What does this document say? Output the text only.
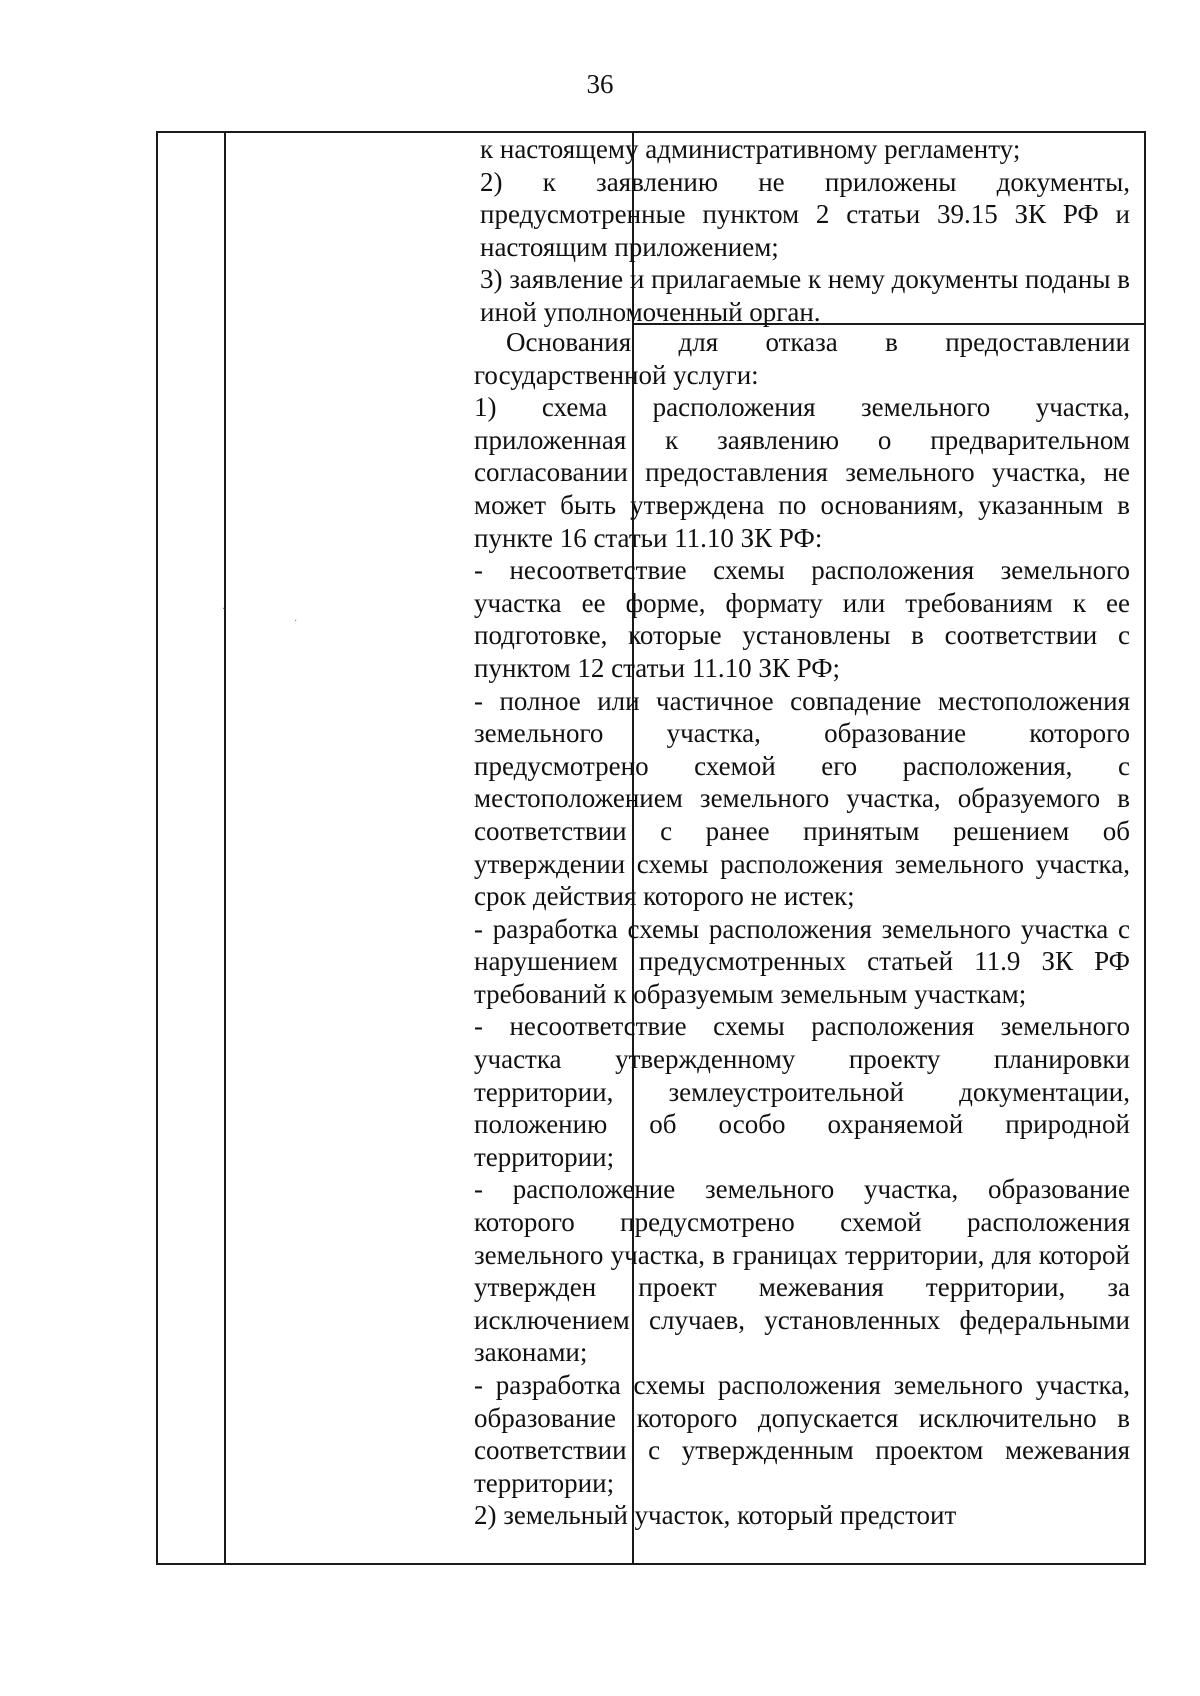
36

к настоящему административному регламенту;

2) к заявлению не приложены документы, предусмотренные пунктом 2 статьи 39.15 ЗК РФ и настоящим приложением;

3) заявление и прилагаемые к нему документы поданы в иной уполномоченный орган.

Основания для отказа в предоставлении государственной услуги:

1) схема расположения земельного участка, приложенная к заявлению о предварительном согласовании предоставления земельного участка, не может быть утверждена по основаниям, указанным в пункте 16 статьи 11.10 ЗК РФ:

- несоответствие схемы расположения земельного участка ее форме, формату или требованиям к ее подготовке, которые установлены в соответствии с пунктом 12 статьи 11.10 ЗК РФ;

- полное или частичное совпадение местоположения земельного участка, образование которого предусмотрено схемой его расположения, с местоположением земельного участка, образуемого в соответствии с ранее принятым решением об утверждении схемы расположения земельного участка, срок действия которого не истек;

- разработка схемы расположения земельного участка с нарушением предусмотренных статьей 11.9 ЗК РФ требований к образуемым земельным участкам;

- несоответствие схемы расположения земельного участка утвержденному проекту планировки территории, землеустроительной документации, положению об особо охраняемой природной территории;

- расположение земельного участка, образование которого предусмотрено схемой расположения земельного участка, в границах территории, для которой утвержден проект межевания территории, за исключением случаев, установленных федеральными законами;

- разработка схемы расположения земельного участка, образование которого допускается исключительно в соответствии с утвержденным проектом межевания территории;

2) земельный участок, который предстоит

·
·
